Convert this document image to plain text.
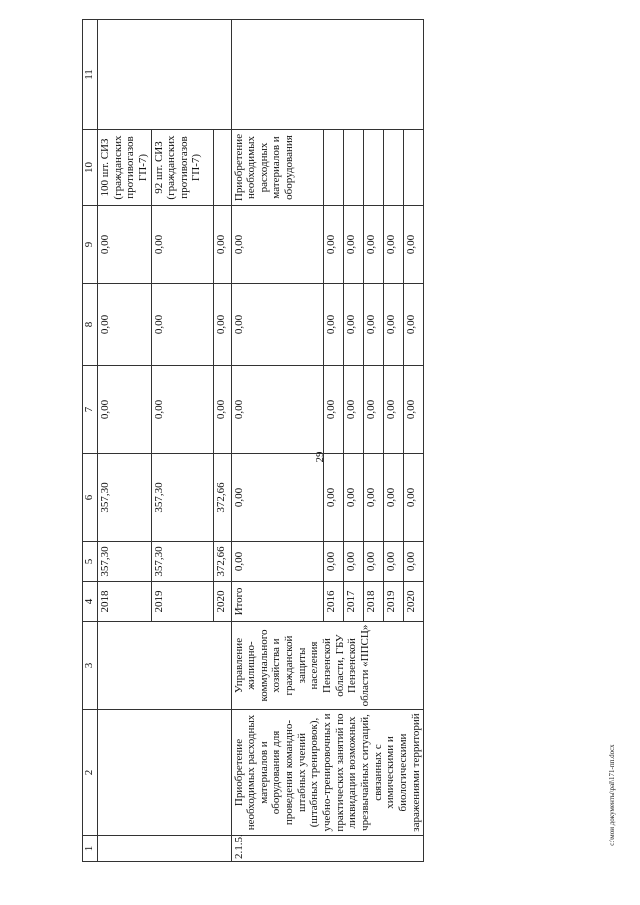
29
c:\мои документы\pal\171-пп.docx
1	2	3	4	5	6	7	8	9	10	11
			2018	357,30	357,30	0,00	0,00	0,00	100 шт. СИЗ (гражданских противогазов ГП-7)	
			2019	357,30	357,30	0,00	0,00	0,00	92 шт. СИЗ (гражданских противогазов ГП-7)	
			2020	372,66	372,66	0,00	0,00	0,00		
2.1.5.	Приобретение необходимых расходных материалов и оборудования для проведения командно-штабных учений (штабных тренировок), учебно-тренировочных и практических занятий по ликвидации возможных чрезвычайных ситуаций, связанных с химическими и биологическими заражениями территорий	Управление жилищно-коммунального хозяйства и гражданской защиты населения Пензенской области, ГБУ Пензенской области «ППСЦ»	Итого	0,00	0,00	0,00	0,00	0,00	Приобретение необходимых расходных материалов и оборудования	
			2016	0,00	0,00	0,00	0,00	0,00		
			2017	0,00	0,00	0,00	0,00	0,00		
			2018	0,00	0,00	0,00	0,00	0,00		
			2019	0,00	0,00	0,00	0,00	0,00		
			2020	0,00	0,00	0,00	0,00	0,00		
